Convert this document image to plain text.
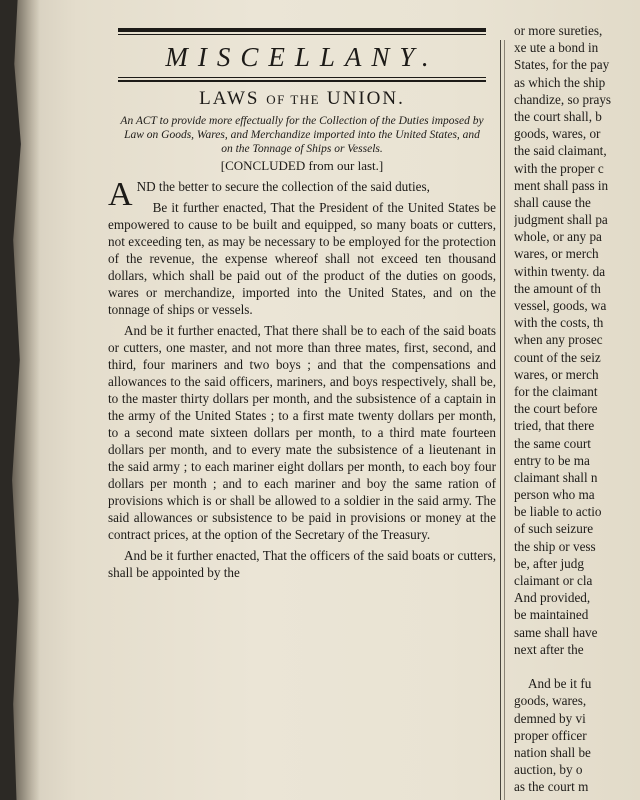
MISCELLANY.
LAWS OF THE UNION.
An ACT to provide more effectually for the Collection of the Duties imposed by Law on Goods, Wares, and Merchandize imported into the United States, and on the Tonnage of Ships or Vessels.
[CONCLUDED from our last.]

AND the better to secure the collection of the said duties,

Be it further enacted, That the President of the United States be empowered to cause to be built and equipped, so many boats or cutters, not exceeding ten, as may be necessary to be employed for the protection of the revenue, the expense whereof shall not exceed ten thousand dollars, which shall be paid out of the product of the duties on goods, wares or merchandize, imported into the United States, and on the tonnage of ships or vessels.

And be it further enacted, That there shall be to each of the said boats or cutters, one master, and not more than three mates, first, second, and third, four mariners and two boys ; and that the compensations and allowances to the said officers, mariners, and boys respectively, shall be, to the master thirty dollars per month, and the subsistence of a captain in the army of the United States ; to a first mate twenty dollars per month, to a second mate sixteen dollars per month, to a third mate fourteen dollars per month, and to every mate the subsistence of a lieutenant in the said army ; to each mariner eight dollars per month, to each boy four dollars per month ; and to each mariner and boy the same ration of provisions which is or shall be allowed to a soldier in the said army. The said allowances or subsistence to be paid in provisions or money at the contract prices, at the option of the Secretary of the Treasury.

And be it further enacted, That the officers of the said boats or cutters, shall be appointed by the

or more sureties,
xe ute a bond in
States, for the pay
as which the ship
chandize, so prays
the court shall, b
goods, wares, or
the said claimant,
with the proper c
ment shall pass in
shall cause the
judgment shall pa
whole, or any pa
wares, or merch
within twenty. da
the amount of th
vessel, goods, wa
with the costs, th
when any prosec
count of the seiz
wares, or merch
for the claimant
the court before
tried, that there
the same court
entry to be ma
claimant shall n
person who ma
be liable to actio
of such seizure
the ship or vess
be, after judg
claimant or cla
And provided,
be maintained
same shall have
next after the
And be it fu
goods, wares,
demned by vi
proper officer
nation shall be
auction, by o
as the court m
